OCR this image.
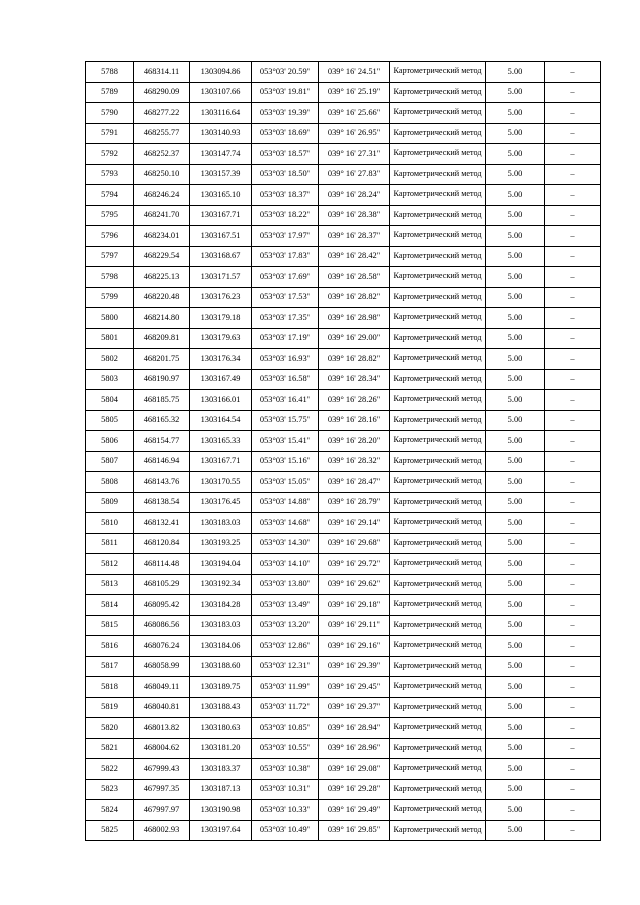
5788	468314.11	1303094.86	053°03' 20.59"	039° 16' 24.51"	Картометрический метод	5.00	–
5789	468290.09	1303107.66	053°03' 19.81"	039° 16' 25.19"	Картометрический метод	5.00	–
5790	468277.22	1303116.64	053°03' 19.39"	039° 16' 25.66"	Картометрический метод	5.00	–
5791	468255.77	1303140.93	053°03' 18.69"	039° 16' 26.95"	Картометрический метод	5.00	–
5792	468252.37	1303147.74	053°03' 18.57"	039° 16' 27.31"	Картометрический метод	5.00	–
5793	468250.10	1303157.39	053°03' 18.50"	039° 16' 27.83"	Картометрический метод	5.00	–
5794	468246.24	1303165.10	053°03' 18.37"	039° 16' 28.24"	Картометрический метод	5.00	–
5795	468241.70	1303167.71	053°03' 18.22"	039° 16' 28.38"	Картометрический метод	5.00	–
5796	468234.01	1303167.51	053°03' 17.97"	039° 16' 28.37"	Картометрический метод	5.00	–
5797	468229.54	1303168.67	053°03' 17.83"	039° 16' 28.42"	Картометрический метод	5.00	–
5798	468225.13	1303171.57	053°03' 17.69"	039° 16' 28.58"	Картометрический метод	5.00	–
5799	468220.48	1303176.23	053°03' 17.53"	039° 16' 28.82"	Картометрический метод	5.00	–
5800	468214.80	1303179.18	053°03' 17.35"	039° 16' 28.98"	Картометрический метод	5.00	–
5801	468209.81	1303179.63	053°03' 17.19"	039° 16' 29.00"	Картометрический метод	5.00	–
5802	468201.75	1303176.34	053°03' 16.93"	039° 16' 28.82"	Картометрический метод	5.00	–
5803	468190.97	1303167.49	053°03' 16.58"	039° 16' 28.34"	Картометрический метод	5.00	–
5804	468185.75	1303166.01	053°03' 16.41"	039° 16' 28.26"	Картометрический метод	5.00	–
5805	468165.32	1303164.54	053°03' 15.75"	039° 16' 28.16"	Картометрический метод	5.00	–
5806	468154.77	1303165.33	053°03' 15.41"	039° 16' 28.20"	Картометрический метод	5.00	–
5807	468146.94	1303167.71	053°03' 15.16"	039° 16' 28.32"	Картометрический метод	5.00	–
5808	468143.76	1303170.55	053°03' 15.05"	039° 16' 28.47"	Картометрический метод	5.00	–
5809	468138.54	1303176.45	053°03' 14.88"	039° 16' 28.79"	Картометрический метод	5.00	–
5810	468132.41	1303183.03	053°03' 14.68"	039° 16' 29.14"	Картометрический метод	5.00	–
5811	468120.84	1303193.25	053°03' 14.30"	039° 16' 29.68"	Картометрический метод	5.00	–
5812	468114.48	1303194.04	053°03' 14.10"	039° 16' 29.72"	Картометрический метод	5.00	–
5813	468105.29	1303192.34	053°03' 13.80"	039° 16' 29.62"	Картометрический метод	5.00	–
5814	468095.42	1303184.28	053°03' 13.49"	039° 16' 29.18"	Картометрический метод	5.00	–
5815	468086.56	1303183.03	053°03' 13.20"	039° 16' 29.11"	Картометрический метод	5.00	–
5816	468076.24	1303184.06	053°03' 12.86"	039° 16' 29.16"	Картометрический метод	5.00	–
5817	468058.99	1303188.60	053°03' 12.31"	039° 16' 29.39"	Картометрический метод	5.00	–
5818	468049.11	1303189.75	053°03' 11.99"	039° 16' 29.45"	Картометрический метод	5.00	–
5819	468040.81	1303188.43	053°03' 11.72"	039° 16' 29.37"	Картометрический метод	5.00	–
5820	468013.82	1303180.63	053°03' 10.85"	039° 16' 28.94"	Картометрический метод	5.00	–
5821	468004.62	1303181.20	053°03' 10.55"	039° 16' 28.96"	Картометрический метод	5.00	–
5822	467999.43	1303183.37	053°03' 10.38"	039° 16' 29.08"	Картометрический метод	5.00	–
5823	467997.35	1303187.13	053°03' 10.31"	039° 16' 29.28"	Картометрический метод	5.00	–
5824	467997.97	1303190.98	053°03' 10.33"	039° 16' 29.49"	Картометрический метод	5.00	–
5825	468002.93	1303197.64	053°03' 10.49"	039° 16' 29.85"	Картометрический метод	5.00	–
